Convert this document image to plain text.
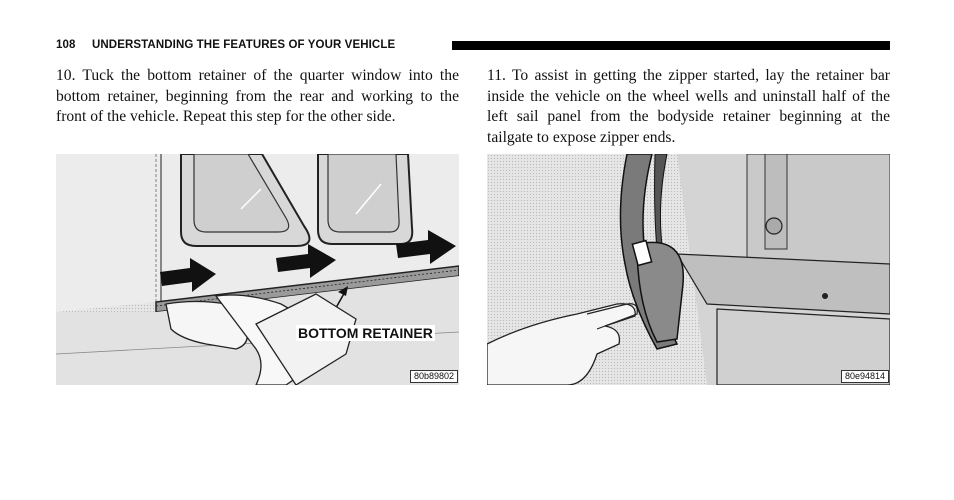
108 UNDERSTANDING THE FEATURES OF YOUR VEHICLE

10. Tuck the bottom retainer of the quarter window into the bottom retainer, beginning from the rear and working to the front of the vehicle. Repeat this step for the other side.

11. To assist in getting the zipper started, lay the retainer bar inside the vehicle on the wheel wells and uninstall half of the left sail panel from the bodyside retainer beginning at the tailgate to expose zipper ends.

BOTTOM RETAINER
80b89802	80e94814
